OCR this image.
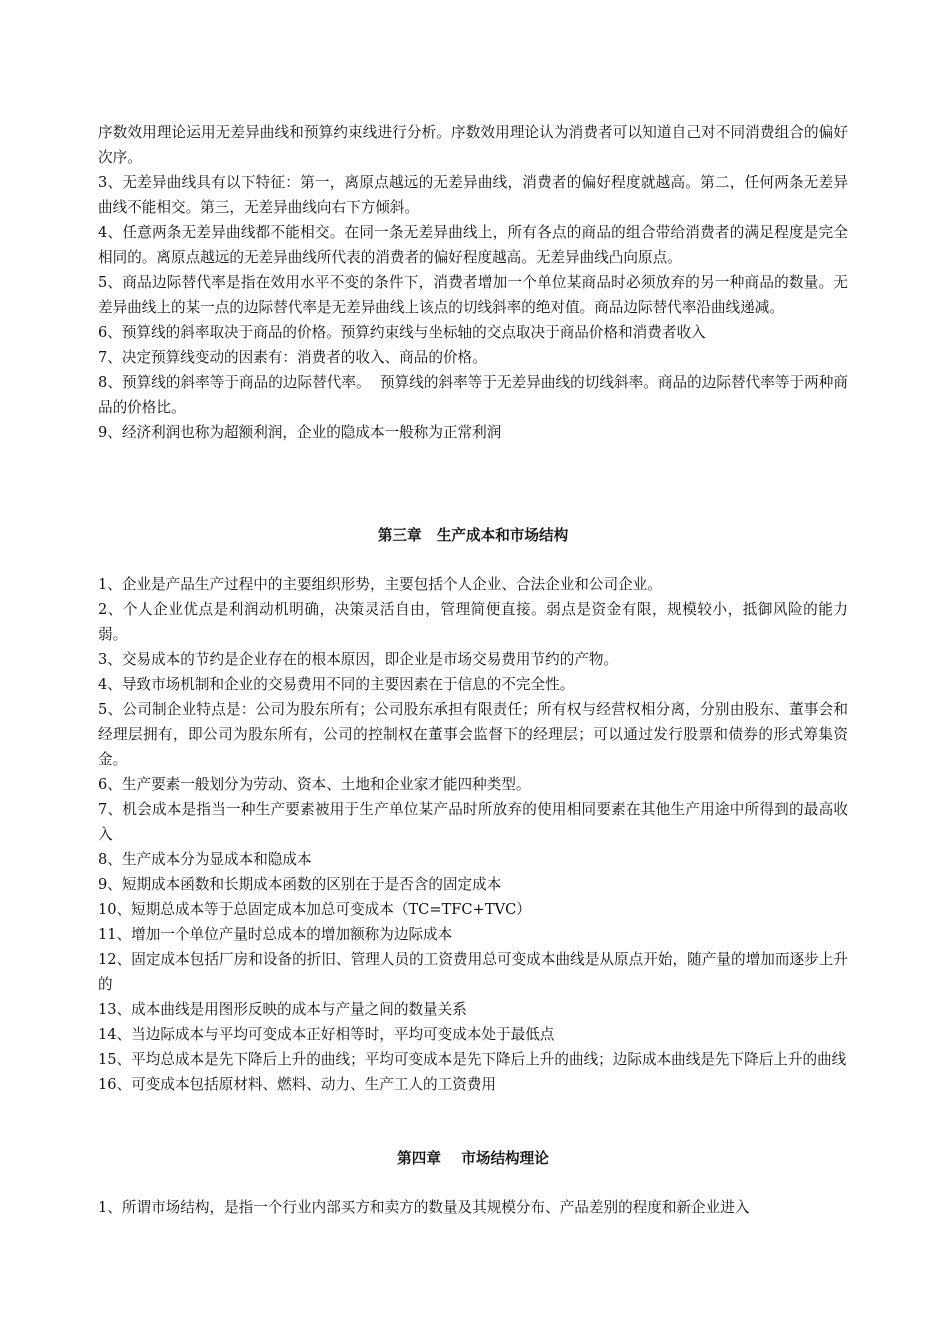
序数效用理论运用无差异曲线和预算约束线进行分析。序数效用理论认为消费者可以知道自己对不同消费组合的偏好次序。

3、无差异曲线具有以下特征：第一，离原点越远的无差异曲线，消费者的偏好程度就越高。第二，任何两条无差异曲线不能相交。第三，无差异曲线向右下方倾斜。

4、任意两条无差异曲线都不能相交。在同一条无差异曲线上，所有各点的商品的组合带给消费者的满足程度是完全相同的。离原点越远的无差异曲线所代表的消费者的偏好程度越高。无差异曲线凸向原点。

5、商品边际替代率是指在效用水平不变的条件下，消费者增加一个单位某商品时必须放弃的另一种商品的数量。无差异曲线上的某一点的边际替代率是无差异曲线上该点的切线斜率的绝对值。商品边际替代率沿曲线递减。

6、预算线的斜率取决于商品的价格。预算约束线与坐标轴的交点取决于商品价格和消费者收入

7、决定预算线变动的因素有：消费者的收入、商品的价格。

8、预算线的斜率等于商品的边际替代率。  预算线的斜率等于无差异曲线的切线斜率。商品的边际替代率等于两种商品的价格比。

9、经济利润也称为超额利润，企业的隐成本一般称为正常利润

第三章   生产成本和市场结构

1、企业是产品生产过程中的主要组织形势，主要包括个人企业、合法企业和公司企业。

2、个人企业优点是利润动机明确，决策灵活自由，管理简便直接。弱点是资金有限，规模较小，抵御风险的能力弱。

3、交易成本的节约是企业存在的根本原因，即企业是市场交易费用节约的产物。

4、导致市场机制和企业的交易费用不同的主要因素在于信息的不完全性。

5、公司制企业特点是：公司为股东所有；公司股东承担有限责任；所有权与经营权相分离，分别由股东、董事会和经理层拥有，即公司为股东所有，公司的控制权在董事会监督下的经理层；可以通过发行股票和债券的形式筹集资金。

6、生产要素一般划分为劳动、资本、土地和企业家才能四种类型。

7、机会成本是指当一种生产要素被用于生产单位某产品时所放弃的使用相同要素在其他生产用途中所得到的最高收入

8、生产成本分为显成本和隐成本

9、短期成本函数和长期成本函数的区别在于是否含的固定成本

10、短期总成本等于总固定成本加总可变成本（TC=TFC+TVC）

11、增加一个单位产量时总成本的增加额称为边际成本

12、固定成本包括厂房和设备的折旧、管理人员的工资费用总可变成本曲线是从原点开始，随产量的增加而逐步上升的

13、成本曲线是用图形反映的成本与产量之间的数量关系

14、当边际成本与平均可变成本正好相等时，平均可变成本处于最低点

15、平均总成本是先下降后上升的曲线；平均可变成本是先下降后上升的曲线；边际成本曲线是先下降后上升的曲线

16、可变成本包括原材料、燃料、动力、生产工人的工资费用

第四章    市场结构理论

1、所谓市场结构，是指一个行业内部买方和卖方的数量及其规模分布、产品差别的程度和新企业进入
